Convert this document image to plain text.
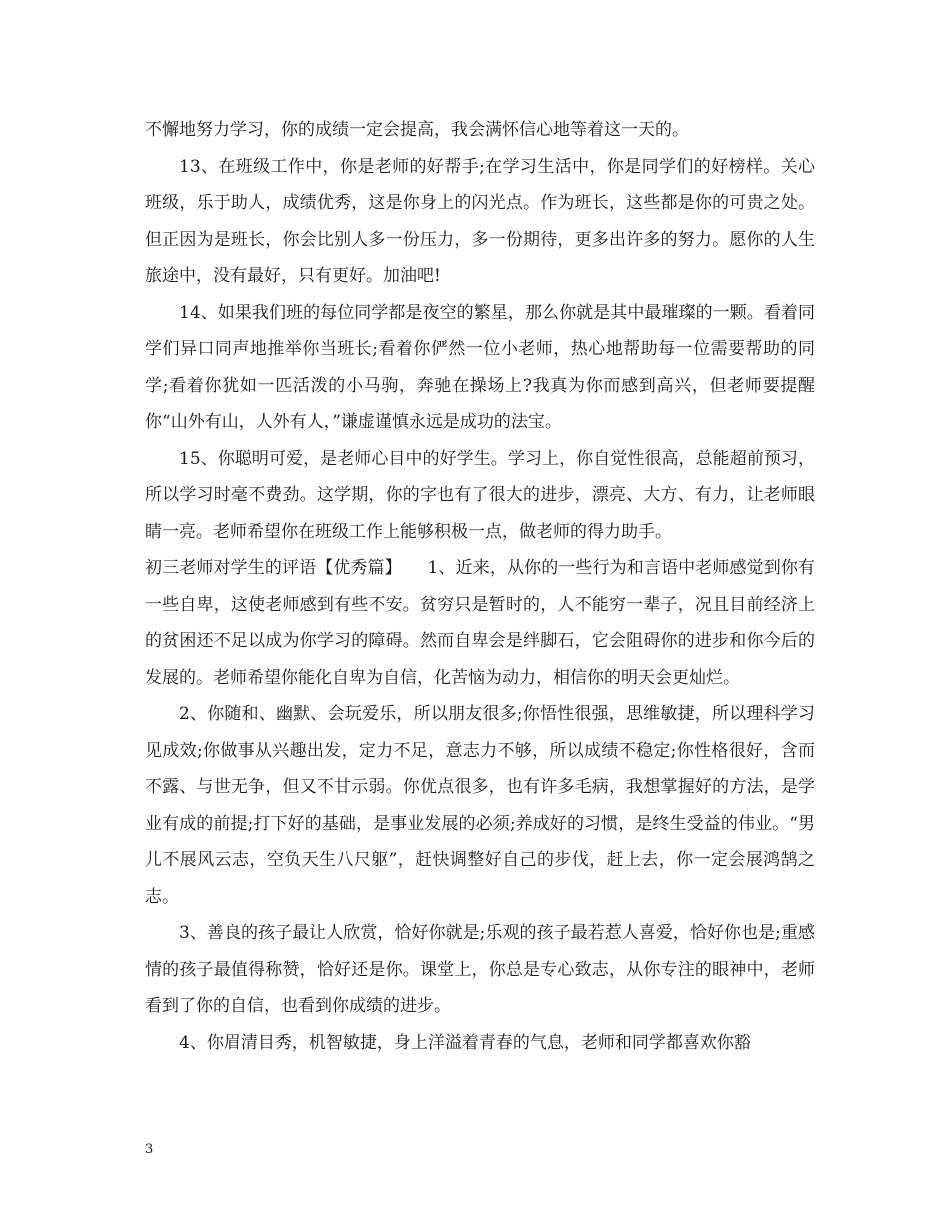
不懈地努力学习，你的成绩一定会提高，我会满怀信心地等着这一天的。

13、在班级工作中，你是老师的好帮手;在学习生活中，你是同学们的好榜样。关心班级，乐于助人，成绩优秀，这是你身上的闪光点。作为班长，这些都是你的可贵之处。但正因为是班长，你会比别人多一份压力，多一份期待，更多出许多的努力。愿你的人生旅途中，没有最好，只有更好。加油吧!

14、如果我们班的每位同学都是夜空的繁星，那么你就是其中最璀璨的一颗。看着同学们异口同声地推举你当班长;看着你俨然一位小老师，热心地帮助每一位需要帮助的同学;看着你犹如一匹活泼的小马驹，奔驰在操场上?我真为你而感到高兴，但老师要提醒你“山外有山，人外有人，”谦虚谨慎永远是成功的法宝。

15、你聪明可爱，是老师心目中的好学生。学习上，你自觉性很高，总能超前预习，所以学习时毫不费劲。这学期，你的字也有了很大的进步，漂亮、大方、有力，让老师眼睛一亮。老师希望你在班级工作上能够积极一点，做老师的得力助手。

初三老师对学生的评语【优秀篇】　　1、近来，从你的一些行为和言语中老师感觉到你有一些自卑，这使老师感到有些不安。贫穷只是暂时的，人不能穷一辈子，况且目前经济上的贫困还不足以成为你学习的障碍。然而自卑会是绊脚石，它会阻碍你的进步和你今后的发展的。老师希望你能化自卑为自信，化苦恼为动力，相信你的明天会更灿烂。

2、你随和、幽默、会玩爱乐，所以朋友很多;你悟性很强，思维敏捷，所以理科学习见成效;你做事从兴趣出发，定力不足，意志力不够，所以成绩不稳定;你性格很好，含而不露、与世无争，但又不甘示弱。你优点很多，也有许多毛病，我想掌握好的方法，是学业有成的前提;打下好的基础，是事业发展的必须;养成好的习惯，是终生受益的伟业。“男儿不展风云志，空负天生八尺躯”，赶快调整好自己的步伐，赶上去，你一定会展鸿鹄之志。

3、善良的孩子最让人欣赏，恰好你就是;乐观的孩子最若惹人喜爱，恰好你也是;重感情的孩子最值得称赞，恰好还是你。课堂上，你总是专心致志，从你专注的眼神中，老师看到了你的自信，也看到你成绩的进步。

4、你眉清目秀，机智敏捷，身上洋溢着青春的气息，老师和同学都喜欢你豁

3
